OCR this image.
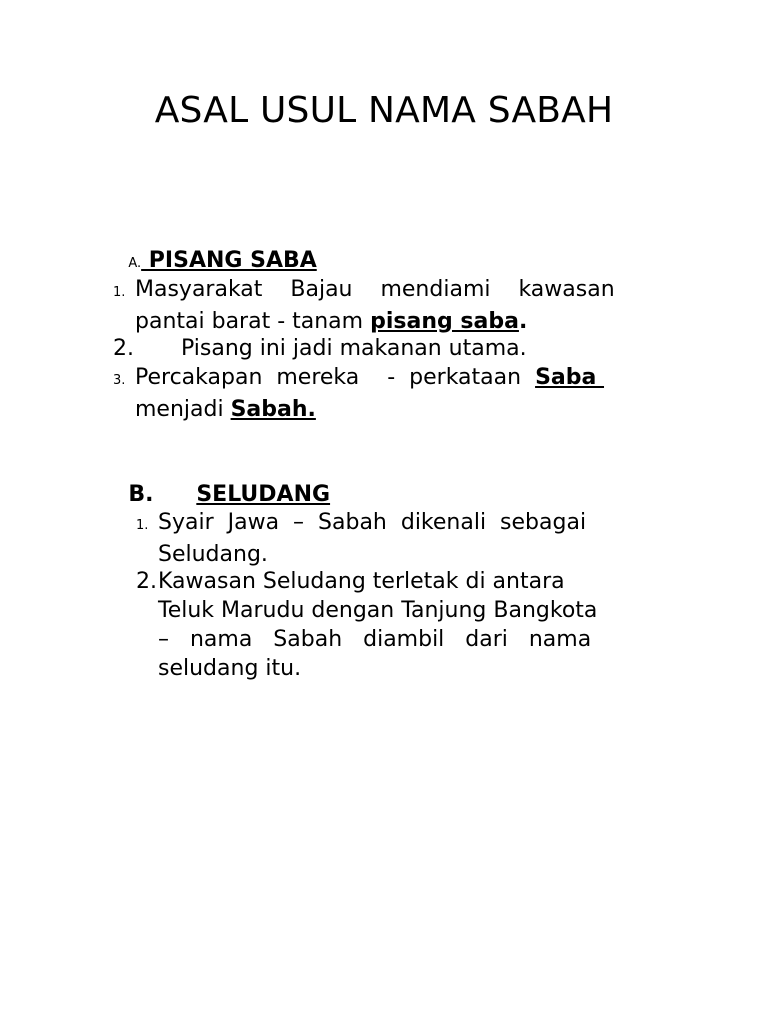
ASAL USUL NAMA SABAH

A. PISANG SABA

1. Masyarakat    Bajau    mendiami    kawasan
pantai barat - tanam pisang saba.
2. Pisang ini jadi makanan utama.
3. Percakapan  mereka    -  perkataan  Saba
menjadi Sabah.

B. SELUDANG

1. Syair  Jawa  –  Sabah  dikenali  sebagai
Seludang.
2.Kawasan Seludang terletak di antara
Teluk Marudu dengan Tanjung Bangkota
–   nama   Sabah   diambil   dari   nama
seludang itu.
